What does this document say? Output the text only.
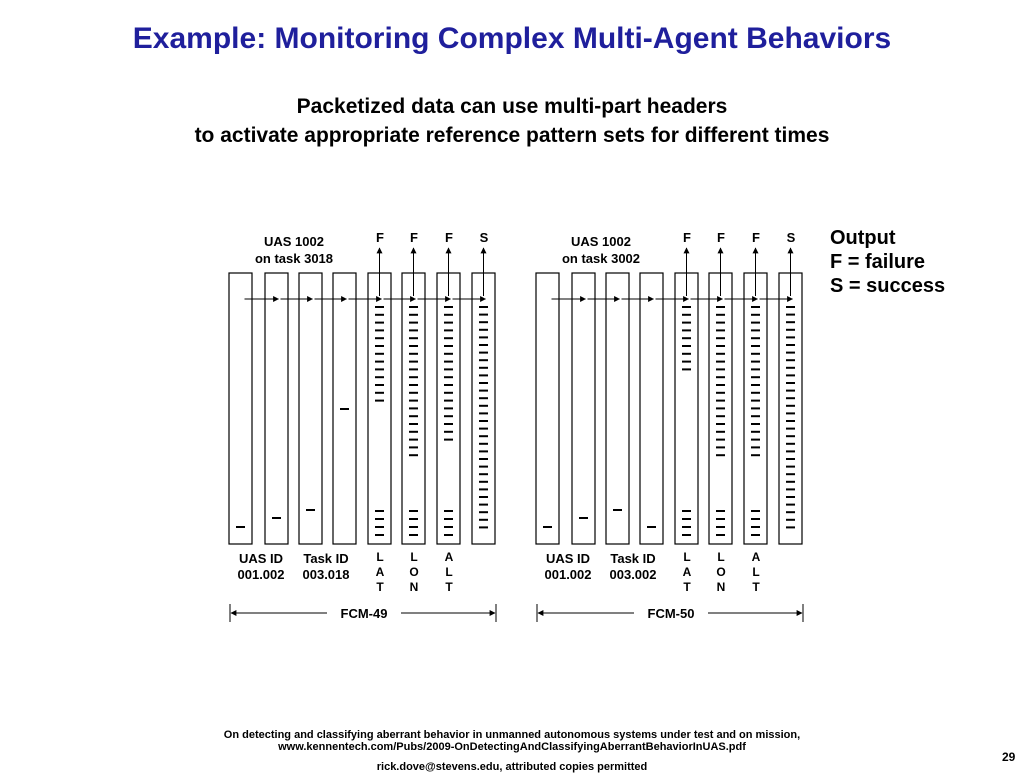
Example: Monitoring Complex Multi-Agent Behaviors
Packetized data can use multi-part headers
to activate appropriate reference pattern sets for different times
UAS 1002
on task 3018
F F F S
UAS ID
001.002
Task ID
003.018
L
A
T
L
O
N
A
L
T
FCM-49
UAS 1002
on task 3002
F F F S
UAS ID
001.002
Task ID
003.002
L
A
T
L
O
N
A
L
T
FCM-50
Output
F = failure
S = success
On detecting and classifying aberrant behavior in unmanned autonomous systems under test and on mission,
www.kennentech.com/Pubs/2009-OnDetectingAndClassifyingAberrantBehaviorInUAS.pdf
rick.dove@stevens.edu, attributed copies permitted
29
